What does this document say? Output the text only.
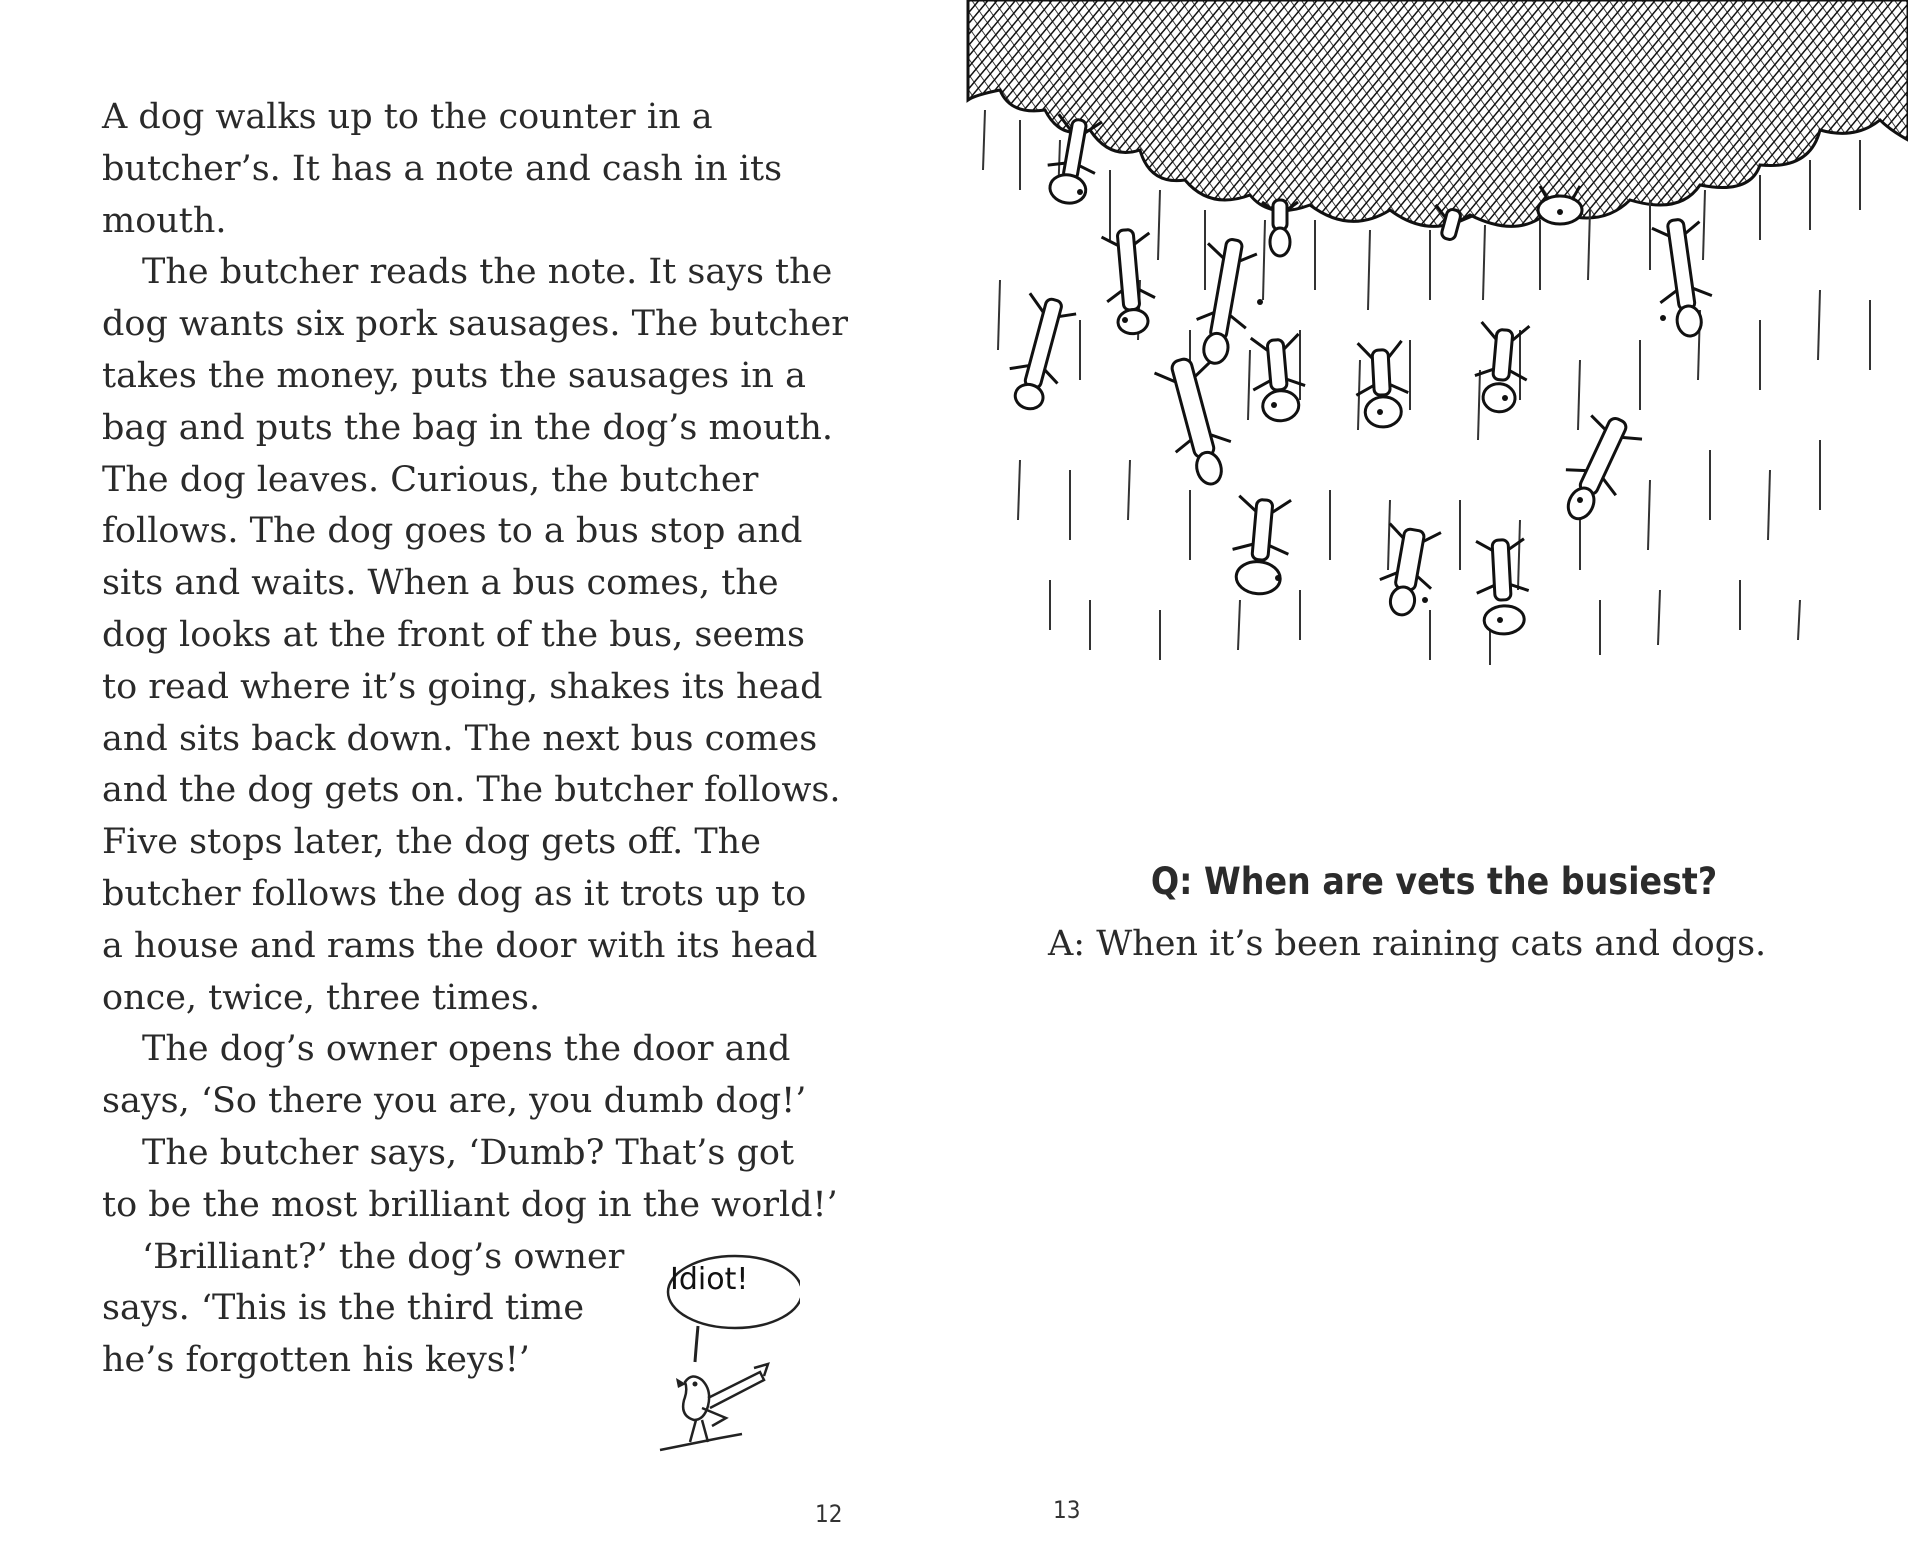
A dog walks up to the counter in a
butcher’s. It has a note and cash in its
mouth.
The butcher reads the note. It says the
dog wants six pork sausages. The butcher
takes the money, puts the sausages in a
bag and puts the bag in the dog’s mouth.
The dog leaves. Curious, the butcher
follows. The dog goes to a bus stop and
sits and waits. When a bus comes, the
dog looks at the front of the bus, seems
to read where it’s going, shakes its head
and sits back down. The next bus comes
and the dog gets on. The butcher follows.
Five stops later, the dog gets off. The
butcher follows the dog as it trots up to
a house and rams the door with its head
once, twice, three times.
The dog’s owner opens the door and
says, ‘So there you are, you dumb dog!’
The butcher says, ‘Dumb? That’s got
to be the most brilliant dog in the world!’
‘Brilliant?’ the dog’s owner
says. ‘This is the third time
he’s forgotten his keys!’
Idiot!
12
Q: When are vets the busiest?
A: When it’s been raining cats and dogs.
13
